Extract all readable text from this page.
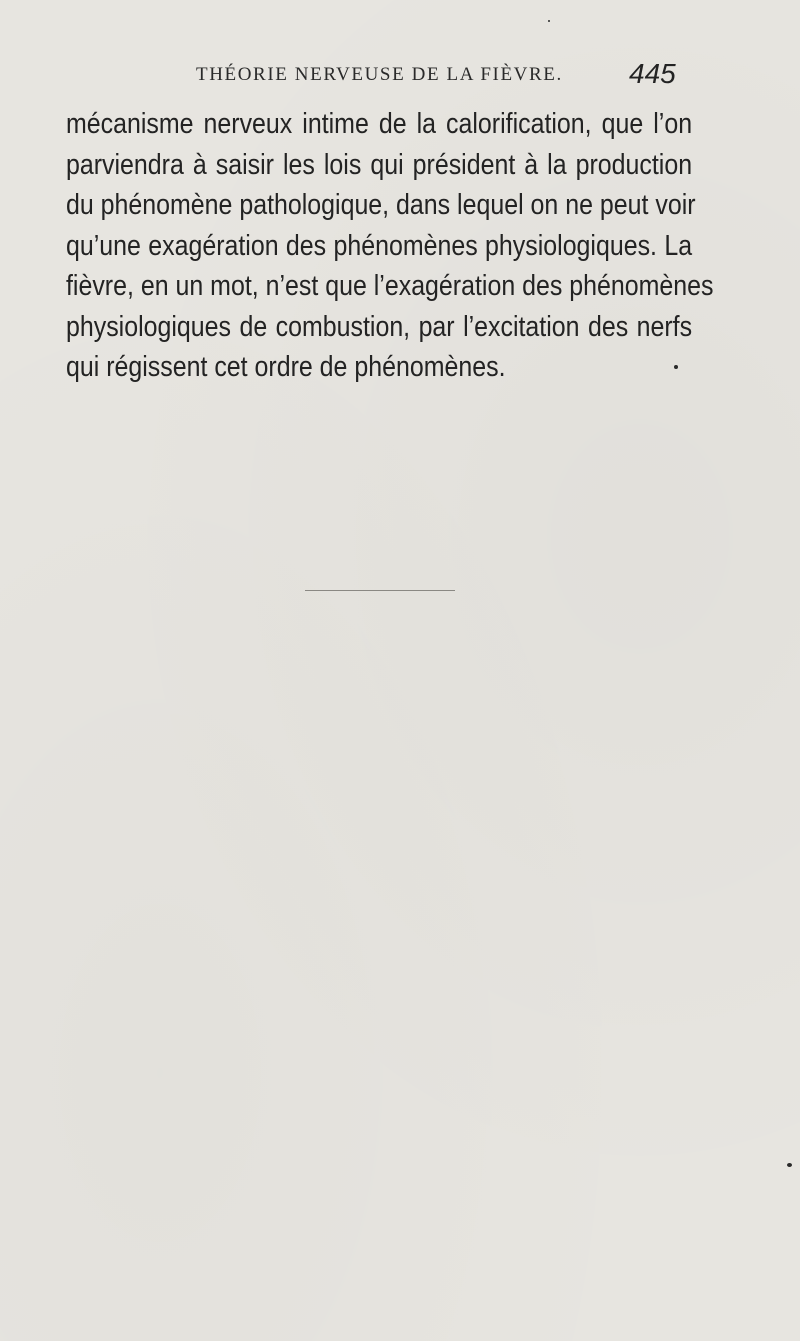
THÉORIE NERVEUSE DE LA FIÈVRE. 445
mécanisme nerveux intime de la calorification, que l’on
parviendra à saisir les lois qui président à la production
du phénomène pathologique, dans lequel on ne peut voir
qu’une exagération des phénomènes physiologiques. La
fièvre, en un mot, n’est que l’exagération des phénomènes
physiologiques de combustion, par l’excitation des nerfs
qui régissent cet ordre de phénomènes.
